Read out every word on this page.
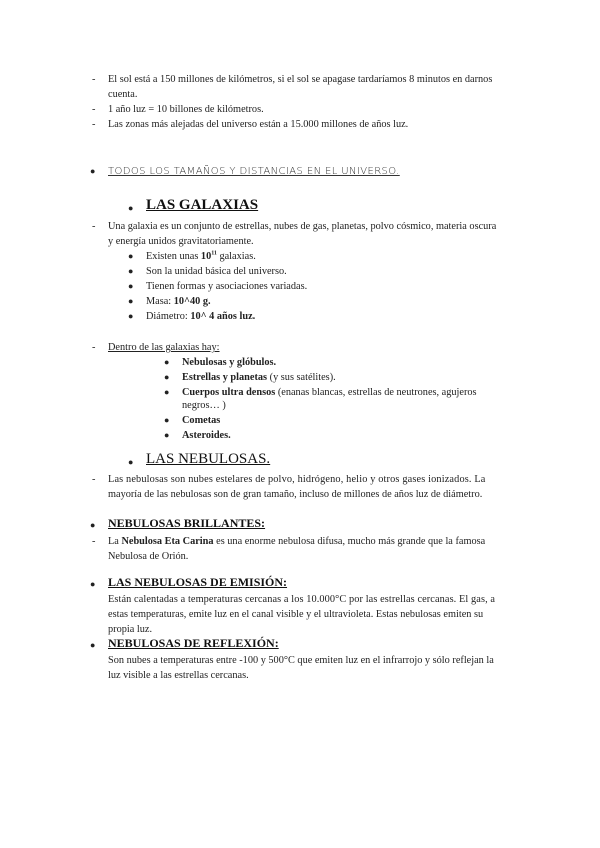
- El sol está a 150 millones de kilómetros, si el sol se apagase tardaríamos 8 minutos en darnos
cuenta.
- 1 año luz = 10 billones de kilómetros.
- Las zonas más alejadas del universo están a 15.000 millones de años luz.
● TODOS LOS TAMAÑOS Y DISTANCIAS EN EL UNIVERSO.
● LAS GALAXIAS
- Una galaxia es un conjunto de estrellas, nubes de gas, planetas, polvo cósmico, materia oscura
y energía unidos gravitatoriamente.
● Existen unas $10^{11}$ galaxias.
● Son la unidad básica del universo.
● Tienen formas y asociaciones variadas.
● Masa: 10^40 g.
● Diámetro: 10^ 4 años luz.
- Dentro de las galaxias hay:
● Nebulosas y glóbulos.
● Estrellas y planetas (y sus satélites).
● Cuerpos ultra densos (enanas blancas, estrellas de neutrones, agujeros
negros… )
● Cometas
● Asteroides.
● LAS NEBULOSAS.
- Las nebulosas son nubes estelares de polvo, hidrógeno, helio y otros gases ionizados. La
mayoría de las nebulosas son de gran tamaño, incluso de millones de años luz de diámetro.
● NEBULOSAS BRILLANTES:
- La Nebulosa Eta Carina es una enorme nebulosa difusa, mucho más grande que la famosa
Nebulosa de Orión.
● LAS NEBULOSAS DE EMISIÓN:
Están calentadas a temperaturas cercanas a los 10.000°C por las estrellas cercanas. El gas, a
estas temperaturas, emite luz en el canal visible y el ultravioleta. Estas nebulosas emiten su
propia luz.
● NEBULOSAS DE REFLEXIÓN:
Son nubes a temperaturas entre -100 y 500°C que emiten luz en el infrarrojo y sólo reflejan la
luz visible a las estrellas cercanas.
